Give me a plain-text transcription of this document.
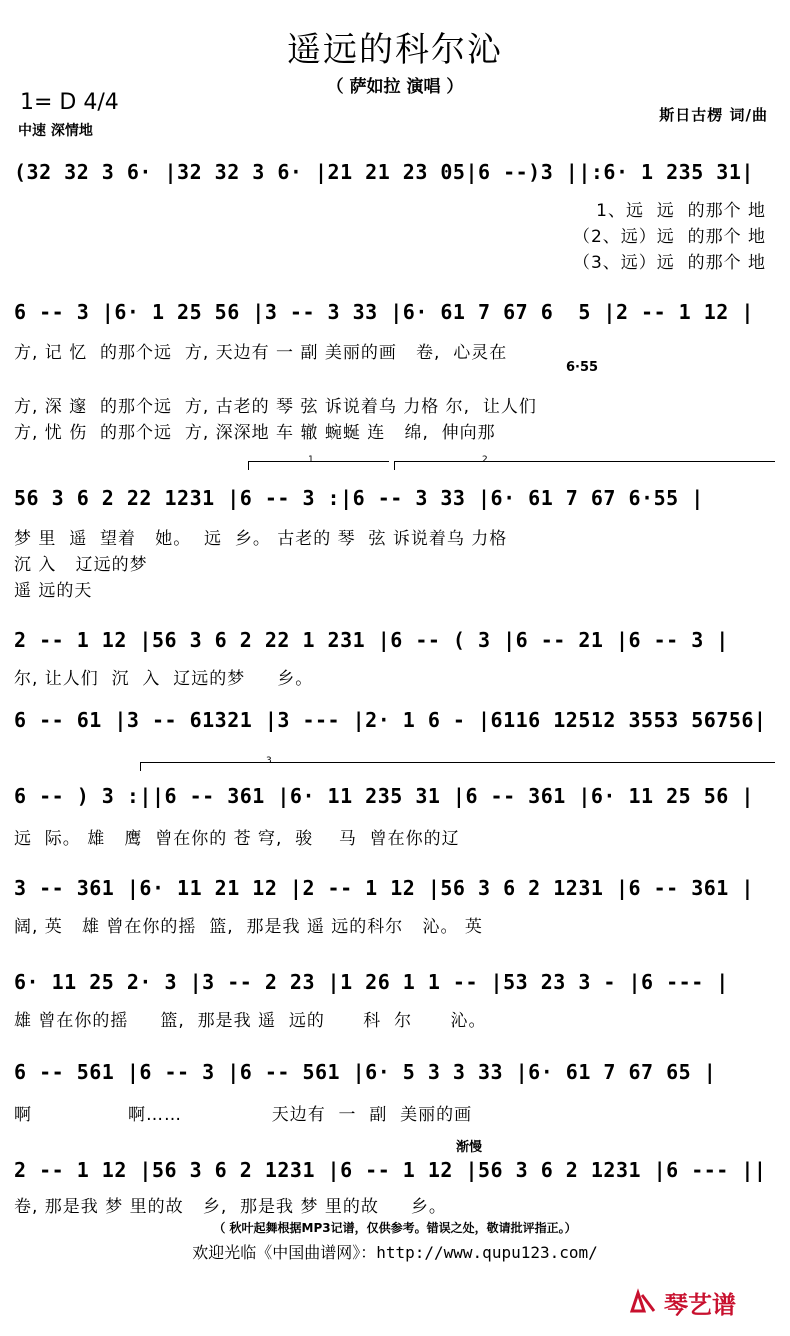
遥远的科尔沁
（ 萨如拉 演唱 ）
1= D 4/4
中速 深情地
斯日古楞 词/曲
(32 32 3 6· |32 32 3 6· |21 21 23 05|6 --)3 ||:6· 1 235 31|
1、远  远  的那个 地
（2、远）远  的那个 地
（3、远）远  的那个 地
6·55
6 -- 3 |6· 1 25 56 |3 -- 3 33 |6· 61 7 67 6  5 |2 -- 1 12 |
方, 记 忆  的那个远  方, 天边有 一 副 美丽的画   卷,  心灵在
方, 深 邃  的那个远  方, 古老的 琴 弦 诉说着乌 力格 尔,  让人们
方, 忧 伤  的那个远  方, 深深地 车 辙 蜿蜒 连   绵,  伸向那
1	2
56 3 6 2 22 1231 |6 -- 3 :|6 -- 3 33 |6· 61 7 67 6·55 |
梦 里  遥  望着   她。  远  乡。 古老的 琴  弦 诉说着乌 力格
沉 入   辽远的梦
遥 远的天
2 -- 1 12 |56 3 6 2 22 1 231 |6 -- ( 3 |6 -- 21 |6 -- 3 |
尔, 让人们  沉  入  辽远的梦     乡。
6 -- 61 |3 -- 61321 |3 --- |2· 1 6 - |6116 12512 3553 56756|
3
6 -- ) 3 :||6 -- 361 |6· 11 235 31 |6 -- 361 |6· 11 25 56 |
远  际。 雄   鹰  曾在你的 苍 穹,  骏    马  曾在你的辽
3 -- 361 |6· 11 21 12 |2 -- 1 12 |56 3 6 2 1231 |6 -- 361 |
阔, 英   雄 曾在你的摇  篮,  那是我 遥 远的科尔   沁。 英
6· 11 25 2· 3 |3 -- 2 23 |1 26 1 1 -- |53 23 3 - |6 --- |
雄 曾在你的摇     篮,  那是我 遥  远的      科  尔      沁。
6 -- 561 |6 -- 3 |6 -- 561 |6· 5 3 3 33 |6· 61 7 67 65 |
啊               啊……              天边有  一  副  美丽的画
渐慢
2 -- 1 12 |56 3 6 2 1231 |6 -- 1 12 |56 3 6 2 1231 |6 --- ||
卷, 那是我 梦 里的故   乡,  那是我 梦 里的故     乡。
（ 秋叶起舞根据MP3记谱，仅供参考。错误之处，敬请批评指正。）
欢迎光临《中国曲谱网》：http://www.qupu123.com/
琴艺谱
